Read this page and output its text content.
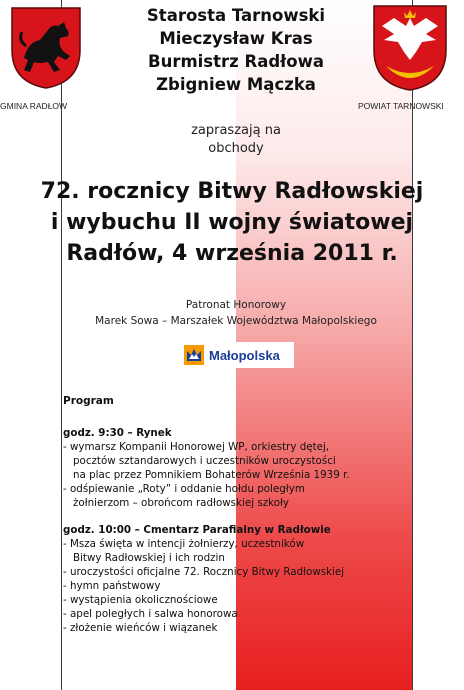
GMINA RADŁOW	POWIAT TARNOWSKI
Starosta Tarnowski
Mieczysław Kras
Burmistrz Radłowa
Zbigniew Mączka
zapraszają na
obchody
72. rocznicy Bitwy Radłowskiej
i wybuchu II wojny światowej
Radłów, 4 września 2011 r.
Patronat Honorowy
Marek Sowa – Marszałek Województwa Małopolskiego
Małopolska
Program
godz. 9:30 – Rynek
- wymarsz Kompanii Honorowej WP, orkiestry dętej,
pocztów sztandarowych i uczestników uroczystości
na plac przez Pomnikiem Bohaterów Września 1939 r.
- odśpiewanie „Roty” i oddanie hołdu poległym
żołnierzom – obrońcom radłowskiej szkoły
godz. 10:00 – Cmentarz Parafialny w Radłowie
- Msza święta w intencji żołnierzy, uczestników
Bitwy Radłowskiej i ich rodzin
- uroczystości oficjalne 72. Rocznicy Bitwy Radłowskiej
- hymn państwowy
- wystąpienia okolicznościowe
- apel poległych i salwa honorowa
- złożenie wieńców i wiązanek
